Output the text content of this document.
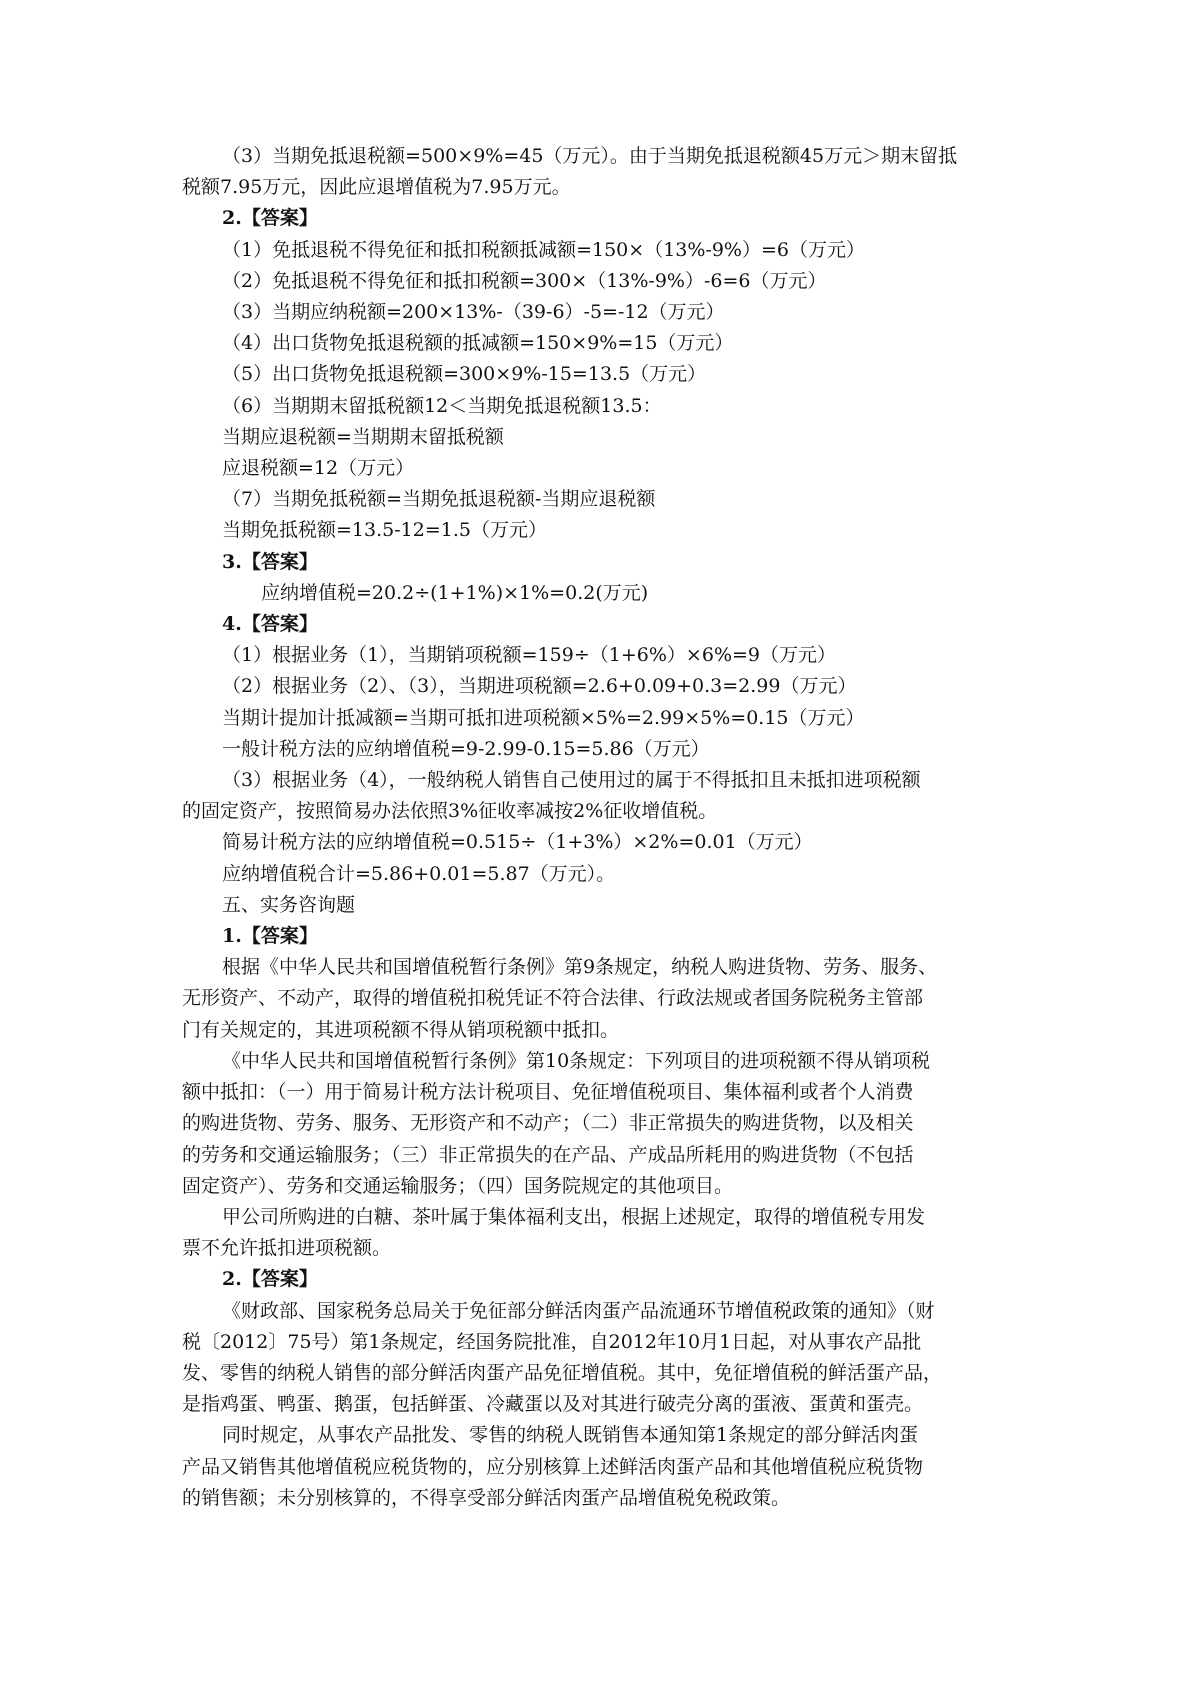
（3）当期免抵退税额=500×9%=45（万元）。由于当期免抵退税额45万元＞期末留抵

税额7.95万元，因此应退增值税为7.95万元。

2.【答案】

（1）免抵退税不得免征和抵扣税额抵减额=150×（13%-9%）=6（万元）

（2）免抵退税不得免征和抵扣税额=300×（13%-9%）-6=6（万元）

（3）当期应纳税额=200×13%-（39-6）-5=-12（万元）

（4）出口货物免抵退税额的抵减额=150×9%=15（万元）

（5）出口货物免抵退税额=300×9%-15=13.5（万元）

（6）当期期末留抵税额12＜当期免抵退税额13.5：

当期应退税额=当期期末留抵税额

应退税额=12（万元）

（7）当期免抵税额=当期免抵退税额-当期应退税额

当期免抵税额=13.5-12=1.5（万元）

3.【答案】

应纳增值税=20.2÷(1+1%)×1%=0.2(万元)

4.【答案】

（1）根据业务（1），当期销项税额=159÷（1+6%）×6%=9（万元）

（2）根据业务（2）、（3），当期进项税额=2.6+0.09+0.3=2.99（万元）

当期计提加计抵减额=当期可抵扣进项税额×5%=2.99×5%=0.15（万元）

一般计税方法的应纳增值税=9-2.99-0.15=5.86（万元）

（3）根据业务（4），一般纳税人销售自己使用过的属于不得抵扣且未抵扣进项税额

的固定资产，按照简易办法依照3%征收率减按2%征收增值税。

简易计税方法的应纳增值税=0.515÷（1+3%）×2%=0.01（万元）

应纳增值税合计=5.86+0.01=5.87（万元）。

五、实务咨询题

1.【答案】

根据《中华人民共和国增值税暂行条例》第9条规定，纳税人购进货物、劳务、服务、

无形资产、不动产，取得的增值税扣税凭证不符合法律、行政法规或者国务院税务主管部

门有关规定的，其进项税额不得从销项税额中抵扣。

《中华人民共和国增值税暂行条例》第10条规定：下列项目的进项税额不得从销项税

额中抵扣：（一）用于简易计税方法计税项目、免征增值税项目、集体福利或者个人消费

的购进货物、劳务、服务、无形资产和不动产；（二）非正常损失的购进货物，以及相关

的劳务和交通运输服务；（三）非正常损失的在产品、产成品所耗用的购进货物（不包括

固定资产）、劳务和交通运输服务；（四）国务院规定的其他项目。

甲公司所购进的白糖、茶叶属于集体福利支出，根据上述规定，取得的增值税专用发

票不允许抵扣进项税额。

2.【答案】

《财政部、国家税务总局关于免征部分鲜活肉蛋产品流通环节增值税政策的通知》（财

税〔2012〕75号）第1条规定，经国务院批准，自2012年10月1日起，对从事农产品批

发、零售的纳税人销售的部分鲜活肉蛋产品免征增值税。其中，免征增值税的鲜活蛋产品，

是指鸡蛋、鸭蛋、鹅蛋，包括鲜蛋、冷藏蛋以及对其进行破壳分离的蛋液、蛋黄和蛋壳。

同时规定，从事农产品批发、零售的纳税人既销售本通知第1条规定的部分鲜活肉蛋

产品又销售其他增值税应税货物的，应分别核算上述鲜活肉蛋产品和其他增值税应税货物

的销售额；未分别核算的，不得享受部分鲜活肉蛋产品增值税免税政策。
